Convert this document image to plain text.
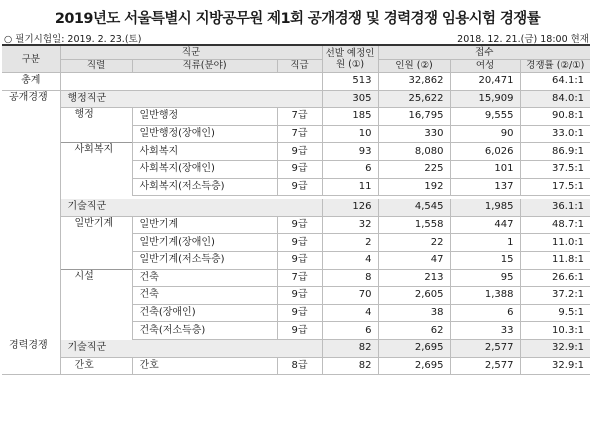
2019년도 서울특별시 지방공무원 제1회 공개경쟁 및 경력경쟁 임용시험 경쟁률
○ 필기시험일: 2019. 2. 23.(토)	2018. 12. 21.(금) 18:00 현재
구분	직군			선발 예정인원 (①)	접수		
	직렬	직류(분야)	직급		인원 (②)	여성	경쟁률 (②/①)

총계				513	32,862	20,471	64.1:1
공개경쟁	행정직군			305	25,622	15,909	84.0:1
	행정	일반행정	7급	185	16,795	9,555	90.8:1
		일반행정(장애인)	7급	10	330	90	33.0:1
	사회복지	사회복지	9급	93	8,080	6,026	86.9:1
		사회복지(장애인)	9급	6	225	101	37.5:1
		사회복지(저소득층)	9급	11	192	137	17.5:1

	기술직군			126	4,545	1,985	36.1:1
	일반기계	일반기계	9급	32	1,558	447	48.7:1
		일반기계(장애인)	9급	2	22	1	11.0:1
		일반기계(저소득층)	9급	4	47	15	11.8:1
	시설	건축	7급	8	213	95	26.6:1
		건축	9급	70	2,605	1,388	37.2:1
		건축(장애인)	9급	4	38	6	9.5:1
		건축(저소득층)	9급	6	62	33	10.3:1
경력경쟁	기술직군			82	2,695	2,577	32.9:1
	간호	간호	8급	82	2,695	2,577	32.9:1
